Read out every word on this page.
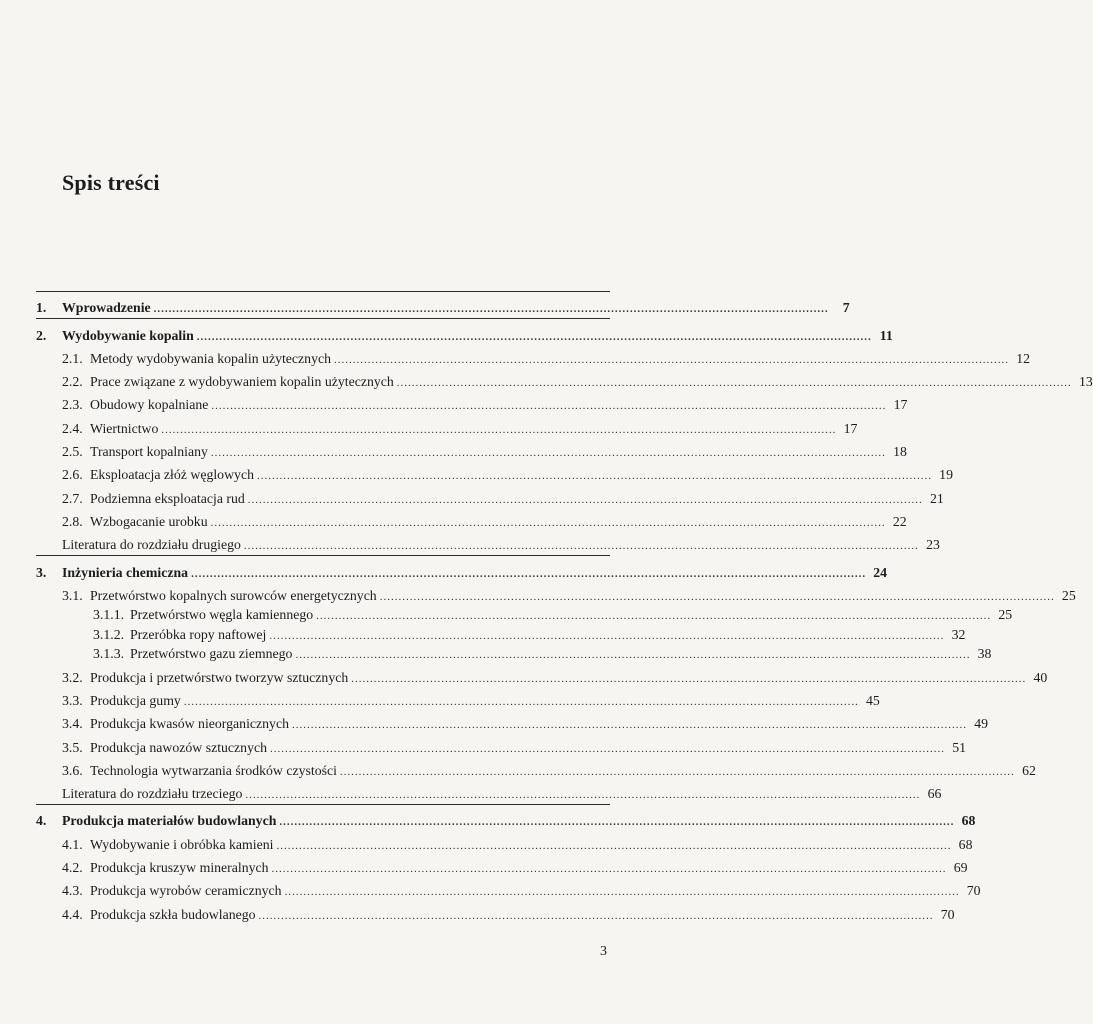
Spis treści
1.	Wprowadzenie ....................................................................................................................................................................................	7
2.	Wydobywanie kopalin .................................................................................................................................................................................... 11
2.1. Metody wydobywania kopalin użytecznych .................................................................................................................................................................................... 12
2.2. Prace związane z wydobywaniem kopalin użytecznych .................................................................................................................................................................................... 13
2.3. Obudowy kopalniane .................................................................................................................................................................................... 17
2.4. Wiertnictwo .................................................................................................................................................................................... 17
2.5. Transport kopalniany .................................................................................................................................................................................... 18
2.6. Eksploatacja złóż węglowych .................................................................................................................................................................................... 19
2.7. Podziemna eksploatacja rud .................................................................................................................................................................................... 21
2.8. Wzbogacanie urobku .................................................................................................................................................................................... 22
Literatura do rozdziału drugiego .................................................................................................................................................................................... 23
3.	Inżynieria chemiczna .................................................................................................................................................................................... 24
3.1. Przetwórstwo kopalnych surowców energetycznych .................................................................................................................................................................................... 25
3.1.1. Przetwórstwo węgla kamiennego .................................................................................................................................................................................... 25
3.1.2. Przeróbka ropy naftowej .................................................................................................................................................................................... 32
3.1.3. Przetwórstwo gazu ziemnego .................................................................................................................................................................................... 38
3.2. Produkcja i przetwórstwo tworzyw sztucznych .................................................................................................................................................................................... 40
3.3. Produkcja gumy .................................................................................................................................................................................... 45
3.4. Produkcja kwasów nieorganicznych .................................................................................................................................................................................... 49
3.5. Produkcja nawozów sztucznych .................................................................................................................................................................................... 51
3.6. Technologia wytwarzania środków czystości .................................................................................................................................................................................... 62
Literatura do rozdziału trzeciego .................................................................................................................................................................................... 66
4.	Produkcja materiałów budowlanych .................................................................................................................................................................................... 68
4.1. Wydobywanie i obróbka kamieni .................................................................................................................................................................................... 68
4.2. Produkcja kruszyw mineralnych .................................................................................................................................................................................... 69
4.3. Produkcja wyrobów ceramicznych .................................................................................................................................................................................... 70
4.4. Produkcja szkła budowlanego .................................................................................................................................................................................... 70
3
